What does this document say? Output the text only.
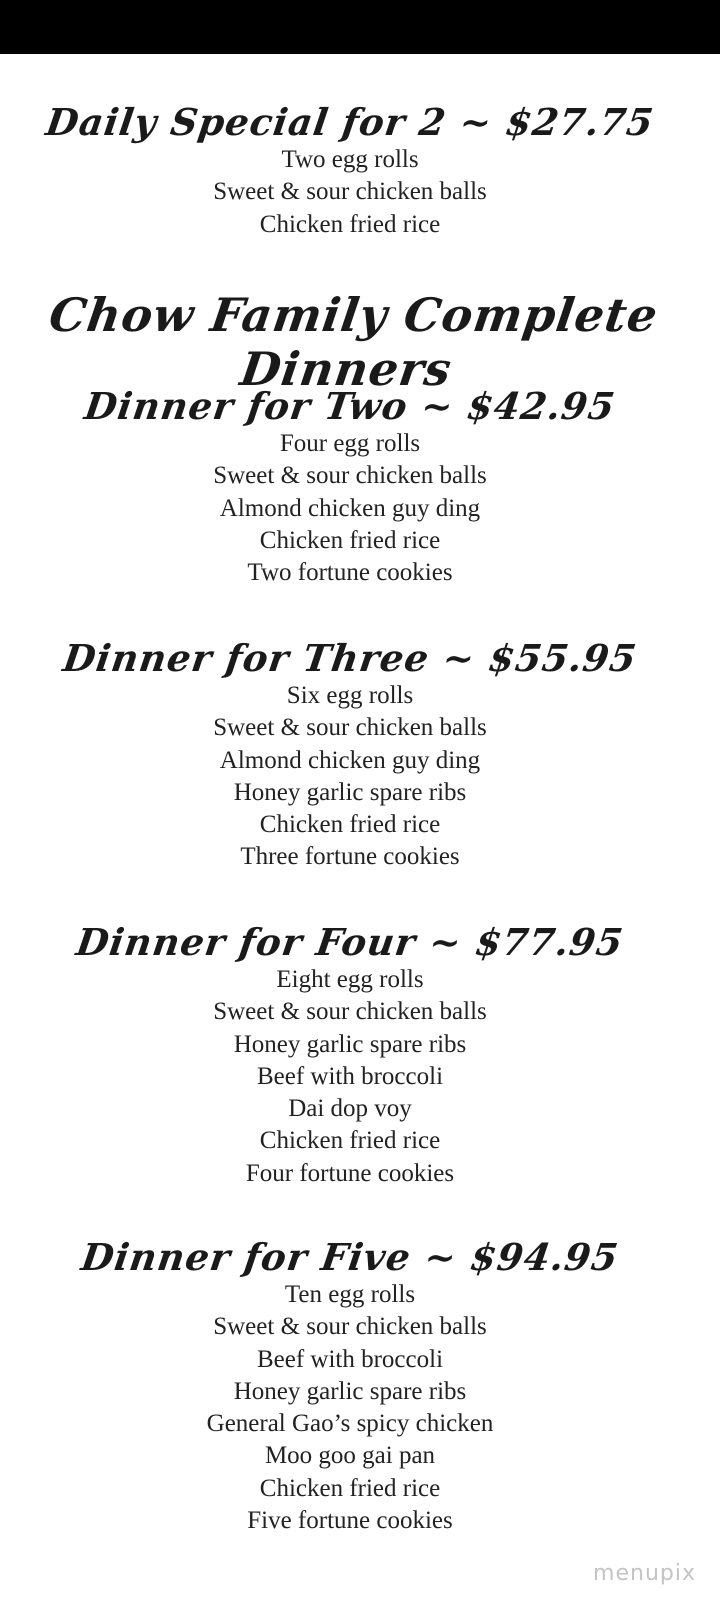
Daily Special for 2 ~ $27.75
Two egg rolls
Sweet & sour chicken balls
Chicken fried rice
Chow Family Complete Dinners
Dinner for Two ~ $42.95
Four egg rolls
Sweet & sour chicken balls
Almond chicken guy ding
Chicken fried rice
Two fortune cookies
Dinner for Three ~ $55.95
Six egg rolls
Sweet & sour chicken balls
Almond chicken guy ding
Honey garlic spare ribs
Chicken fried rice
Three fortune cookies
Dinner for Four ~ $77.95
Eight egg rolls
Sweet & sour chicken balls
Honey garlic spare ribs
Beef with broccoli
Dai dop voy
Chicken fried rice
Four fortune cookies
Dinner for Five ~ $94.95
Ten egg rolls
Sweet & sour chicken balls
Beef with broccoli
Honey garlic spare ribs
General Gao’s spicy chicken
Moo goo gai pan
Chicken fried rice
Five fortune cookies
menupix
